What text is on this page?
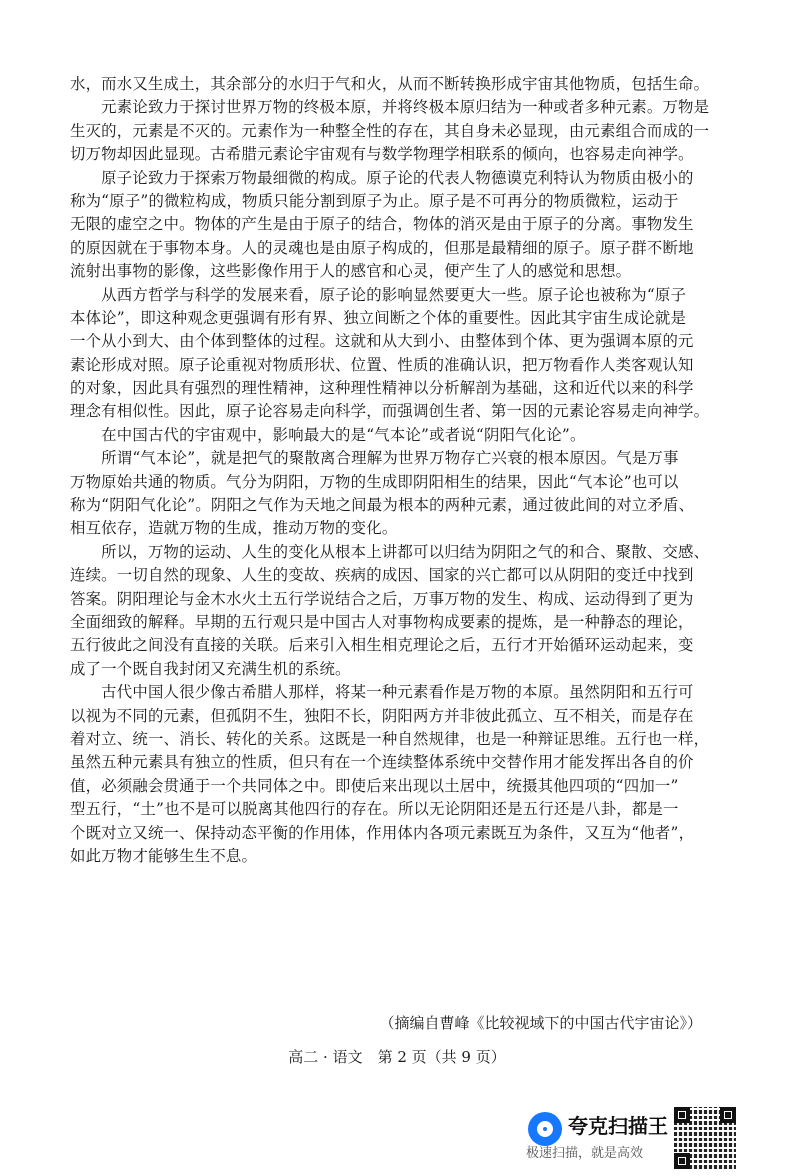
水，而水又生成土，其余部分的水归于气和火，从而不断转换形成宇宙其他物质，包括生命。
　　元素论致力于探讨世界万物的终极本原，并将终极本原归结为一种或者多种元素。万物是
生灭的，元素是不灭的。元素作为一种整全性的存在，其自身未必显现，由元素组合而成的一
切万物却因此显现。古希腊元素论宇宙观有与数学物理学相联系的倾向，也容易走向神学。
　　原子论致力于探索万物最细微的构成。原子论的代表人物德谟克利特认为物质由极小的
称为“原子”的微粒构成，物质只能分割到原子为止。原子是不可再分的物质微粒，运动于
无限的虚空之中。物体的产生是由于原子的结合，物体的消灭是由于原子的分离。事物发生
的原因就在于事物本身。人的灵魂也是由原子构成的，但那是最精细的原子。原子群不断地
流射出事物的影像，这些影像作用于人的感官和心灵，便产生了人的感觉和思想。
　　从西方哲学与科学的发展来看，原子论的影响显然要更大一些。原子论也被称为“原子
本体论”，即这种观念更强调有形有界、独立间断之个体的重要性。因此其宇宙生成论就是
一个从小到大、由个体到整体的过程。这就和从大到小、由整体到个体、更为强调本原的元
素论形成对照。原子论重视对物质形状、位置、性质的准确认识，把万物看作人类客观认知
的对象，因此具有强烈的理性精神，这种理性精神以分析解剖为基础，这和近代以来的科学
理念有相似性。因此，原子论容易走向科学，而强调创生者、第一因的元素论容易走向神学。
　　在中国古代的宇宙观中，影响最大的是“气本论”或者说“阴阳气化论”。
　　所谓“气本论”，就是把气的聚散离合理解为世界万物存亡兴衰的根本原因。气是万事
万物原始共通的物质。气分为阴阳，万物的生成即阴阳相生的结果，因此“气本论”也可以
称为“阴阳气化论”。阴阳之气作为天地之间最为根本的两种元素，通过彼此间的对立矛盾、
相互依存，造就万物的生成，推动万物的变化。
　　所以，万物的运动、人生的变化从根本上讲都可以归结为阴阳之气的和合、聚散、交感、
连续。一切自然的现象、人生的变故、疾病的成因、国家的兴亡都可以从阴阳的变迁中找到
答案。阴阳理论与金木水火土五行学说结合之后，万事万物的发生、构成、运动得到了更为
全面细致的解释。早期的五行观只是中国古人对事物构成要素的提炼，是一种静态的理论，
五行彼此之间没有直接的关联。后来引入相生相克理论之后，五行才开始循环运动起来，变
成了一个既自我封闭又充满生机的系统。
　　古代中国人很少像古希腊人那样，将某一种元素看作是万物的本原。虽然阴阳和五行可
以视为不同的元素，但孤阴不生，独阳不长，阴阳两方并非彼此孤立、互不相关，而是存在
着对立、统一、消长、转化的关系。这既是一种自然规律，也是一种辩证思维。五行也一样，
虽然五种元素具有独立的性质，但只有在一个连续整体系统中交替作用才能发挥出各自的价
值，必须融会贯通于一个共同体之中。即使后来出现以土居中，统摄其他四项的“四加一”
型五行，“土”也不是可以脱离其他四行的存在。所以无论阴阳还是五行还是八卦，都是一
个既对立又统一、保持动态平衡的作用体，作用体内各项元素既互为条件，又互为“他者”，
如此万物才能够生生不息。
（摘编自曹峰《比较视域下的中国古代宇宙论》）
高二 · 语文　第 2 页（共 9 页）
夸克扫描王
极速扫描，就是高效
